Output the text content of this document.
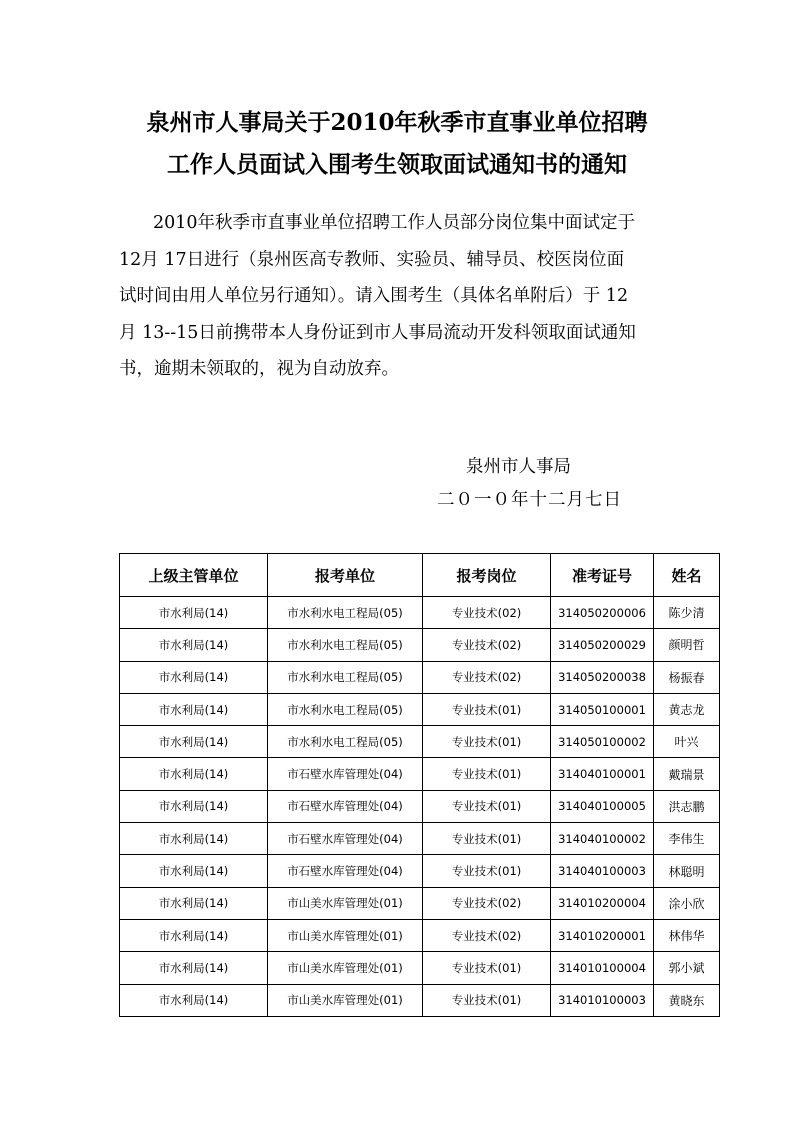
泉州市人事局关于2010年秋季市直事业单位招聘
工作人员面试入围考生领取面试通知书的通知
2010年秋季市直事业单位招聘工作人员部分岗位集中面试定于
12月 17日进行（泉州医高专教师、实验员、辅导员、校医岗位面
试时间由用人单位另行通知）。请入围考生（具体名单附后）于 12
月 13--15日前携带本人身份证到市人事局流动开发科领取面试通知
书，逾期未领取的，视为自动放弃。
泉州市人事局
二０一０年十二月七日
上级主管单位	报考单位	报考岗位	准考证号	姓名
市水利局(14)	市水利水电工程局(05)	专业技术(02)	314050200006	陈少清
市水利局(14)	市水利水电工程局(05)	专业技术(02)	314050200029	颜明哲
市水利局(14)	市水利水电工程局(05)	专业技术(02)	314050200038	杨振春
市水利局(14)	市水利水电工程局(05)	专业技术(01)	314050100001	黄志龙
市水利局(14)	市水利水电工程局(05)	专业技术(01)	314050100002	叶兴
市水利局(14)	市石壁水库管理处(04)	专业技术(01)	314040100001	戴瑞景
市水利局(14)	市石壁水库管理处(04)	专业技术(01)	314040100005	洪志鹏
市水利局(14)	市石壁水库管理处(04)	专业技术(01)	314040100002	李伟生
市水利局(14)	市石壁水库管理处(04)	专业技术(01)	314040100003	林聪明
市水利局(14)	市山美水库管理处(01)	专业技术(02)	314010200004	涂小欣
市水利局(14)	市山美水库管理处(01)	专业技术(02)	314010200001	林伟华
市水利局(14)	市山美水库管理处(01)	专业技术(01)	314010100004	郭小斌
市水利局(14)	市山美水库管理处(01)	专业技术(01)	314010100003	黄晓东
